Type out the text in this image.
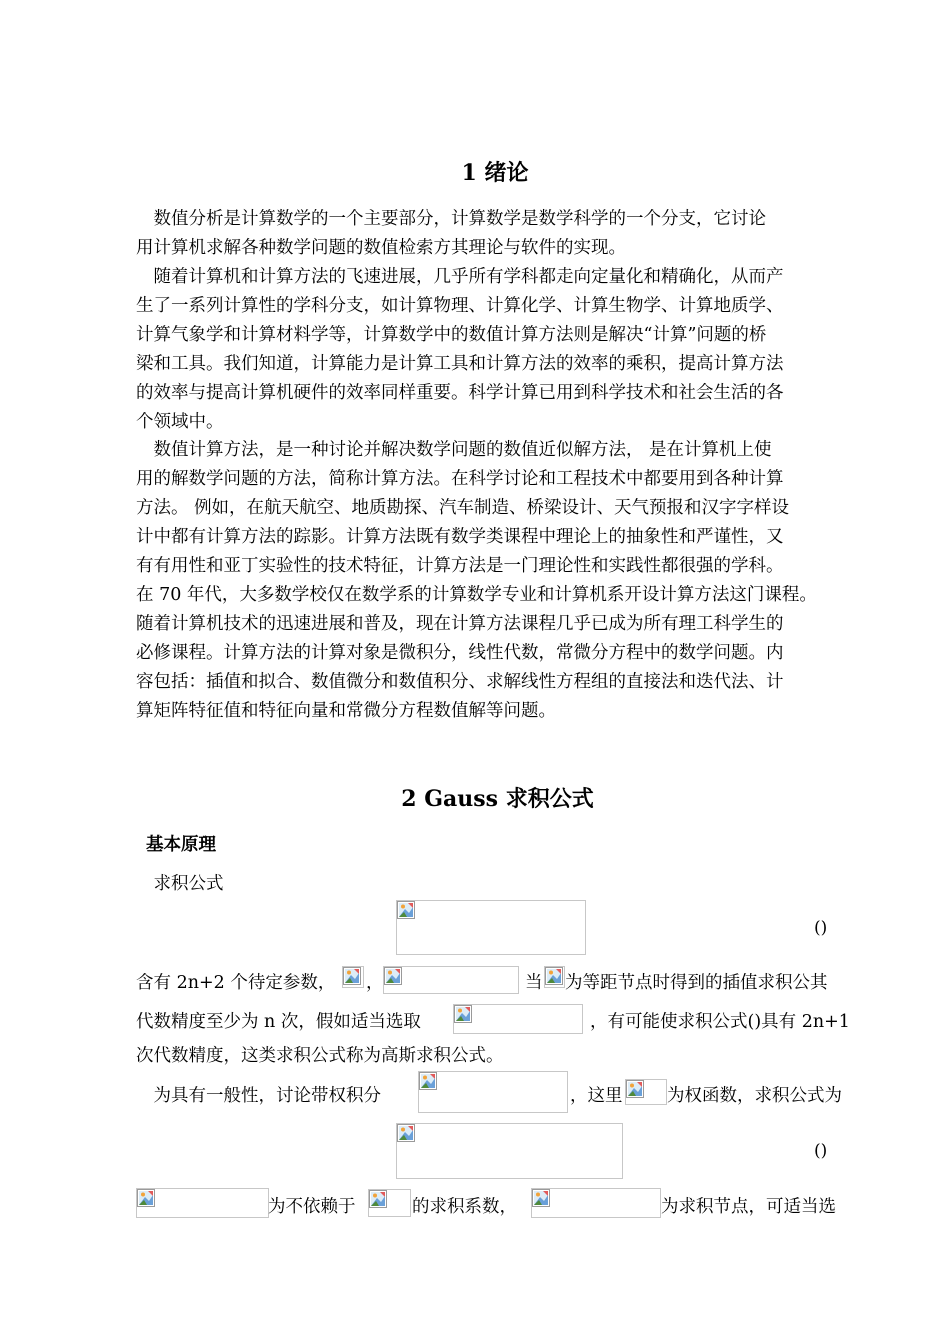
1 绪论
　数值分析是计算数学的一个主要部分，计算数学是数学科学的一个分支，它讨论
用计算机求解各种数学问题的数值检索方其理论与软件的实现。
　随着计算机和计算方法的飞速进展，几乎所有学科都走向定量化和精确化，从而产
生了一系列计算性的学科分支，如计算物理、计算化学、计算生物学、计算地质学、
计算气象学和计算材料学等，计算数学中的数值计算方法则是解决“计算”问题的桥
梁和工具。我们知道，计算能力是计算工具和计算方法的效率的乘积，提高计算方法
的效率与提高计算机硬件的效率同样重要。科学计算已用到科学技术和社会生活的各
个领域中。
　数值计算方法，是一种讨论并解决数学问题的数值近似解方法， 是在计算机上使
用的解数学问题的方法，简称计算方法。在科学讨论和工程技术中都要用到各种计算
方法。 例如，在航天航空、地质勘探、汽车制造、桥梁设计、天气预报和汉字字样设
计中都有计算方法的踪影。计算方法既有数学类课程中理论上的抽象性和严谨性，又
有有用性和亚丁实验性的技术特征，计算方法是一门理论性和实践性都很强的学科。
在 70 年代，大多数学校仅在数学系的计算数学专业和计算机系开设计算方法这门课程。
随着计算机技术的迅速进展和普及，现在计算方法课程几乎已成为所有理工科学生的
必修课程。计算方法的计算对象是微积分，线性代数，常微分方程中的数学问题。内
容包括：插值和拟合、数值微分和数值积分、求解线性方程组的直接法和迭代法、计
算矩阵特征值和特征向量和常微分方程数值解等问题。
2 Gauss 求积公式
基本原理
　求积公式
()
含有 2n+2 个待定参数， ，	当 为等距节点时得到的插值求积公其
代数精度至少为 n 次，假如适当选取	，有可能使求积公式()具有 2n+1
次代数精度，这类求积公式称为高斯求积公式。
　为具有一般性，讨论带权积分	，这里	为权函数，求积公式为
()
为不依赖于	的求积系数，	为求积节点，可适当选
